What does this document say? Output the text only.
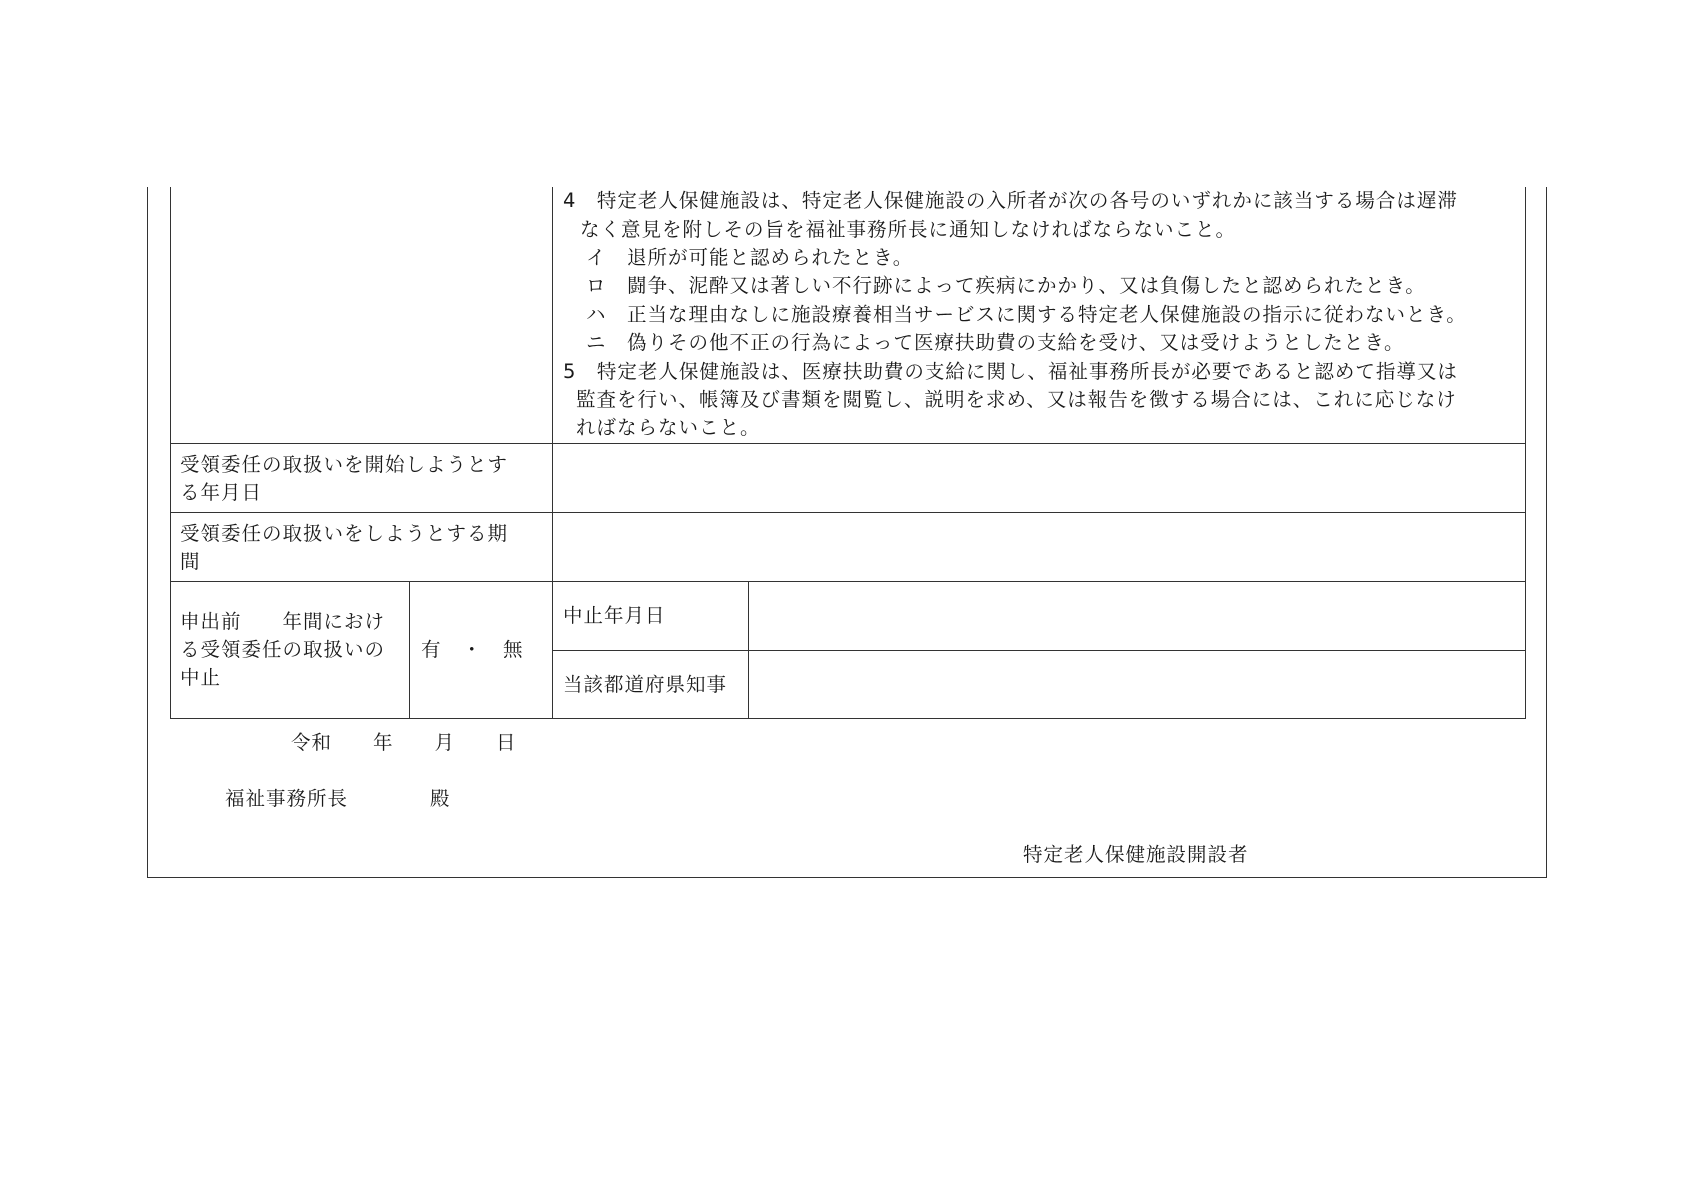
4　特定老人保健施設は、特定老人保健施設の入所者が次の各号のいずれかに該当する場合は遅滞
なく意見を附しその旨を福祉事務所長に通知しなければならないこと。
イ　退所が可能と認められたとき。
ロ　闘争、泥酔又は著しい不行跡によって疾病にかかり、又は負傷したと認められたとき。
ハ　正当な理由なしに施設療養相当サービスに関する特定老人保健施設の指示に従わないとき。
ニ　偽りその他不正の行為によって医療扶助費の支給を受け、又は受けようとしたとき。
5　特定老人保健施設は、医療扶助費の支給に関し、福祉事務所長が必要であると認めて指導又は
監査を行い、帳簿及び書類を閲覧し、説明を求め、又は報告を徴する場合には、これに応じなけ
ればならないこと。
受領委任の取扱いを開始しようとす
る年月日
受領委任の取扱いをしようとする期
間
申出前　　年間におけ
る受領委任の取扱いの
中止
有　・　無
中止年月日
当該都道府県知事
令和　　年　　月　　日
福祉事務所長　　　　殿
特定老人保健施設開設者
